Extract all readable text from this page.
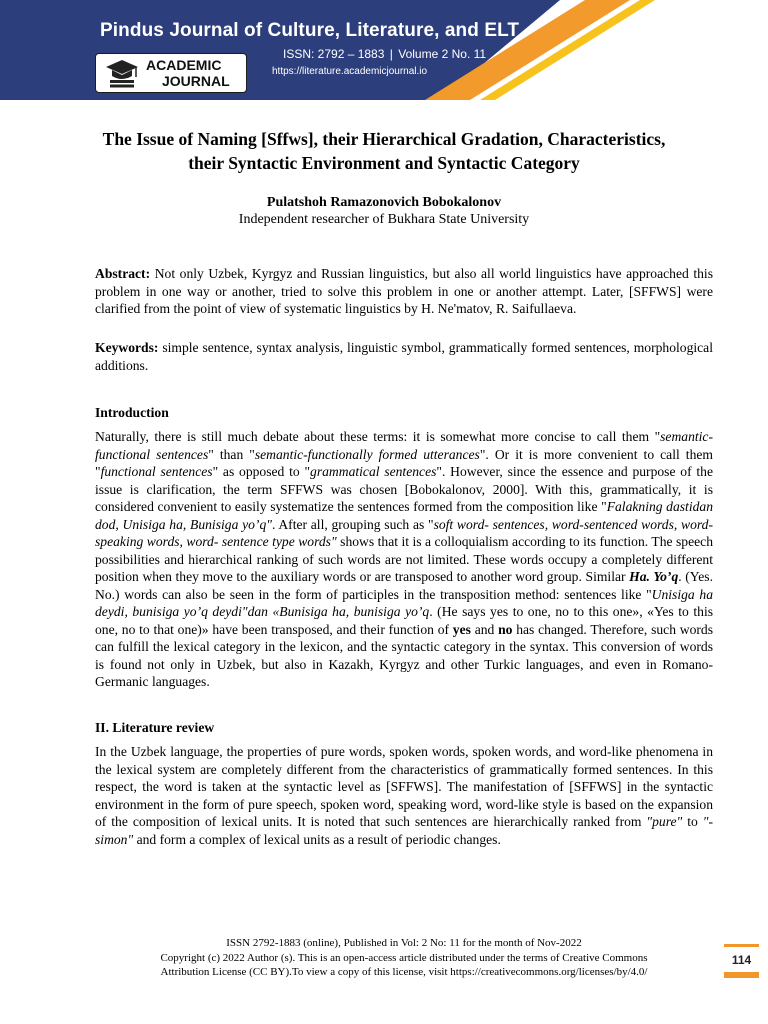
Pindus Journal of Culture, Literature, and ELT
ISSN: 2792 – 1883 | Volume 2 No. 11
https://literature.academicjournal.io
ACADEMIC
JOURNAL
The Issue of Naming [Sffws], their Hierarchical Gradation, Characteristics,
their Syntactic Environment and Syntactic Category
Pulatshoh Ramazonovich Bobokalonov
Independent researcher of Bukhara State University
Abstract: Not only Uzbek, Kyrgyz and Russian linguistics, but also all world linguistics have approached this problem in one way or another, tried to solve this problem in one or another attempt. Later, [SFFWS] were clarified from the point of view of systematic linguistics by H. Ne'matov, R. Saifullaeva.
Keywords: simple sentence, syntax analysis, linguistic symbol, grammatically formed sentences, morphological additions.
Introduction
Naturally, there is still much debate about these terms: it is somewhat more concise to call them "semantic-functional sentences" than "semantic-functionally formed utterances". Or it is more convenient to call them "functional sentences" as opposed to "grammatical sentences". However, since the essence and purpose of the issue is clarification, the term SFFWS was chosen [Bobokalonov, 2000]. With this, grammatically, it is considered convenient to easily systematize the sentences formed from the composition like "Falakning dastidan dod, Unisiga ha, Bunisiga yo’q". After all, grouping such as "soft word- sentences, word-sentenced words, word- speaking words, word- sentence type words" shows that it is a colloquialism according to its function. The speech possibilities and hierarchical ranking of such words are not limited. These words occupy a completely different position when they move to the auxiliary words or are transposed to another word group. Similar Ha. Yo’q. (Yes. No.) words can also be seen in the form of participles in the transposition method: sentences like "Unisiga ha deydi, bunisiga yo’q deydi"dan «Bunisiga ha, bunisiga yo’q. (He says yes to one, no to this one», «Yes to this one, no to that one)» have been transposed, and their function of yes and no has changed. Therefore, such words can fulfill the lexical category in the lexicon, and the syntactic category in the syntax. This conversion of words is found not only in Uzbek, but also in Kazakh, Kyrgyz and other Turkic languages, and even in Romano-Germanic languages.
II. Literature review
In the Uzbek language, the properties of pure words, spoken words, spoken words, and word-like phenomena in the lexical system are completely different from the characteristics of grammatically formed sentences. In this respect, the word is taken at the syntactic level as [SFFWS]. The manifestation of [SFFWS] in the syntactic environment in the form of pure speech, spoken word, speaking word, word-like style is based on the expansion of the composition of lexical units. It is noted that such sentences are hierarchically ranked from "pure" to "-simon" and form a complex of lexical units as a result of periodic changes.
ISSN 2792-1883 (online), Published in Vol: 2 No: 11 for the month of Nov-2022
Copyright (c) 2022 Author (s). This is an open-access article distributed under the terms of Creative Commons
Attribution License (CC BY).To view a copy of this license, visit https://creativecommons.org/licenses/by/4.0/
114
